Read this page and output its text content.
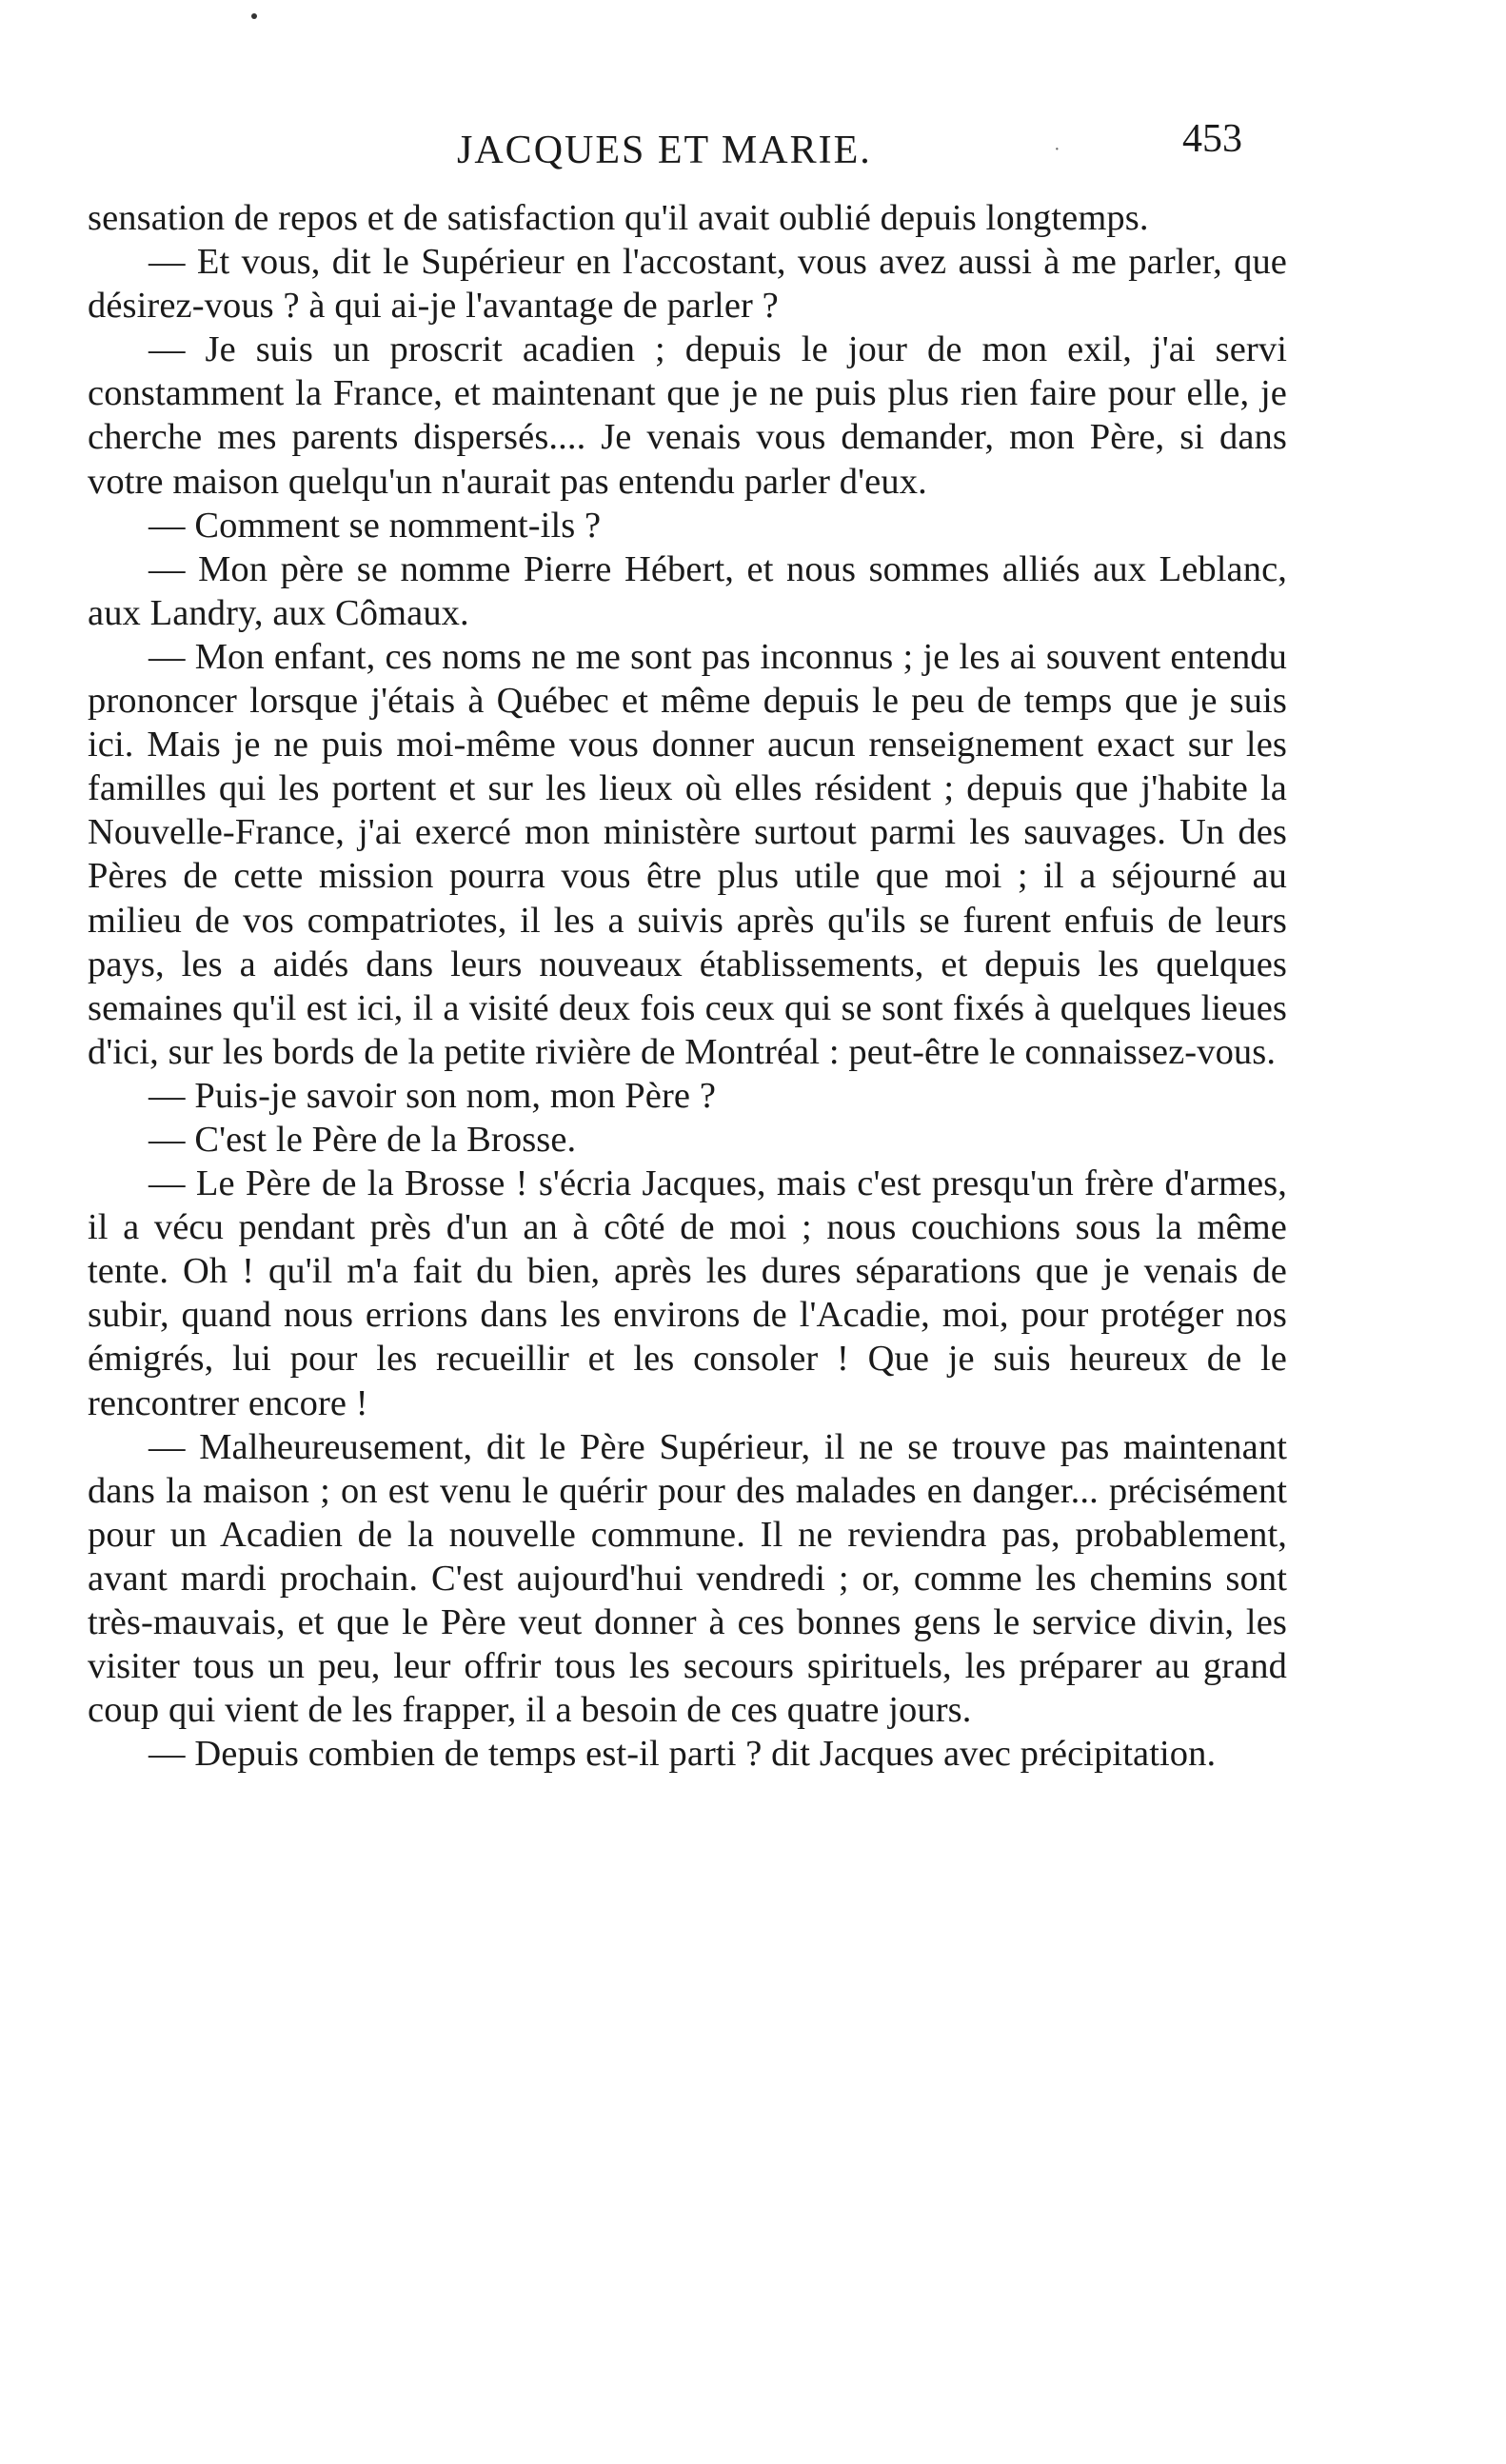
JACQUES ET MARIE.	·	453

sensation de repos et de satisfaction qu'il avait oublié depuis longtemps.

— Et vous, dit le Supérieur en l'accostant, vous avez aussi à me parler, que désirez-vous ? à qui ai-je l'avantage de parler ?

— Je suis un proscrit acadien ; depuis le jour de mon exil, j'ai servi constamment la France, et maintenant que je ne puis plus rien faire pour elle, je cherche mes parents dispersés.... Je venais vous demander, mon Père, si dans votre maison quelqu'un n'aurait pas entendu parler d'eux.

— Comment se nomment-ils ?

— Mon père se nomme Pierre Hébert, et nous sommes alliés aux Leblanc, aux Landry, aux Cômaux.

— Mon enfant, ces noms ne me sont pas inconnus ; je les ai souvent entendu prononcer lorsque j'étais à Québec et même depuis le peu de temps que je suis ici. Mais je ne puis moi-même vous donner aucun renseignement exact sur les familles qui les portent et sur les lieux où elles résident ; depuis que j'habite la Nouvelle-France, j'ai exercé mon ministère surtout parmi les sauvages. Un des Pères de cette mission pourra vous être plus utile que moi ; il a séjourné au milieu de vos compatriotes, il les a suivis après qu'ils se furent enfuis de leurs pays, les a aidés dans leurs nouveaux établissements, et depuis les quelques semaines qu'il est ici, il a visité deux fois ceux qui se sont fixés à quelques lieues d'ici, sur les bords de la petite rivière de Montréal : peut-être le connaissez-vous.

— Puis-je savoir son nom, mon Père ?

— C'est le Père de la Brosse.

— Le Père de la Brosse ! s'écria Jacques, mais c'est presqu'un frère d'armes, il a vécu pendant près d'un an à côté de moi ; nous couchions sous la même tente. Oh ! qu'il m'a fait du bien, après les dures séparations que je venais de subir, quand nous errions dans les environs de l'Acadie, moi, pour protéger nos émigrés, lui pour les recueillir et les consoler ! Que je suis heureux de le rencontrer encore !

— Malheureusement, dit le Père Supérieur, il ne se trouve pas maintenant dans la maison ; on est venu le quérir pour des malades en danger... précisément pour un Acadien de la nouvelle commune. Il ne reviendra pas, probablement, avant mardi prochain. C'est aujourd'hui vendredi ; or, comme les chemins sont très-mauvais, et que le Père veut donner à ces bonnes gens le service divin, les visiter tous un peu, leur offrir tous les secours spirituels, les préparer au grand coup qui vient de les frapper, il a besoin de ces quatre jours.

— Depuis combien de temps est-il parti ? dit Jacques avec précipitation.
